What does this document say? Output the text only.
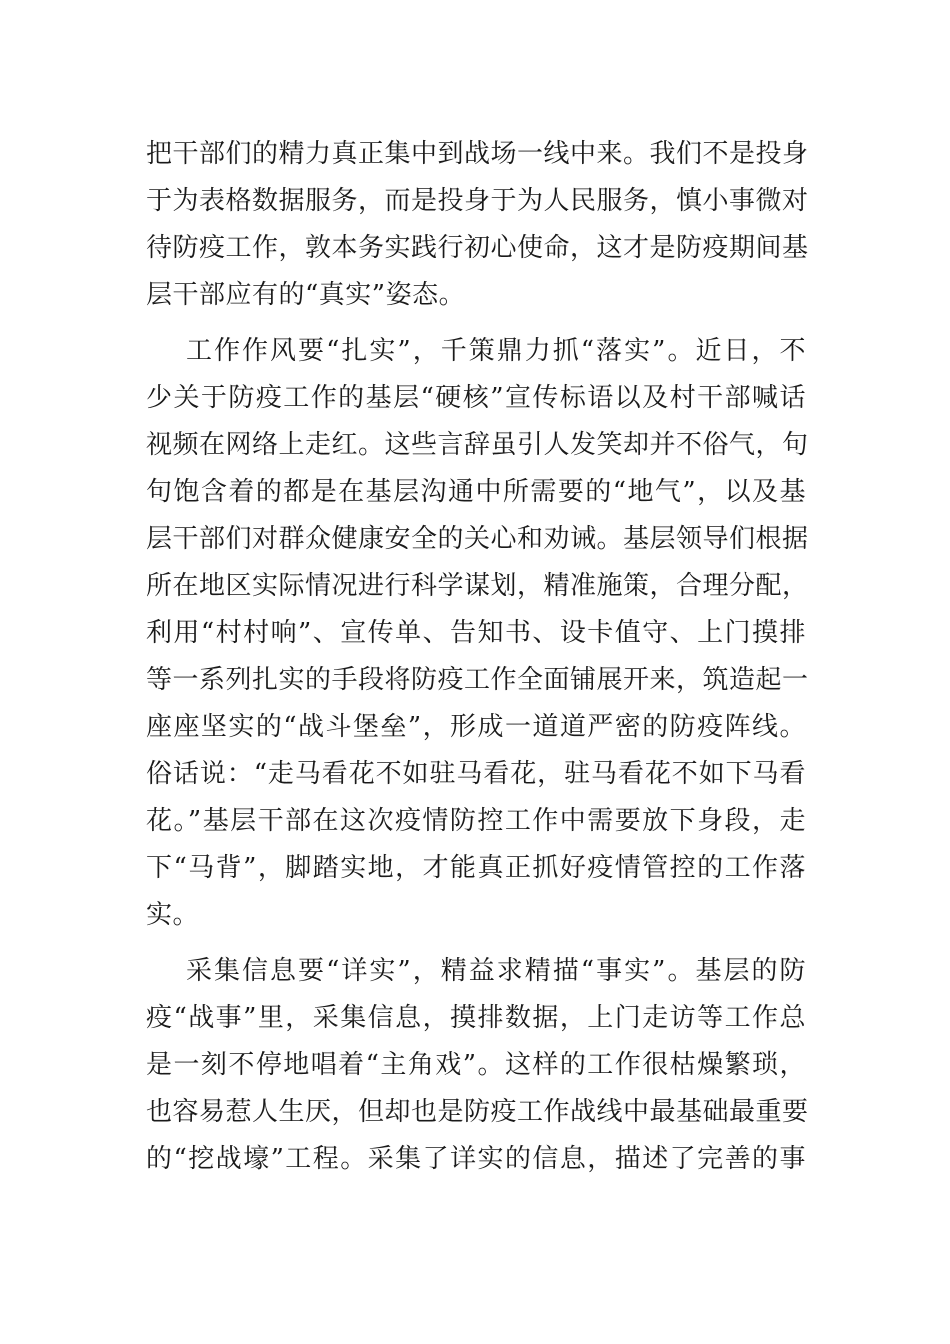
把干部们的精力真正集中到战场一线中来。我们不是投身
于为表格数据服务，而是投身于为人民服务，慎小事微对
待防疫工作，敦本务实践行初心使命，这才是防疫期间基
层干部应有的“真实”姿态。
工作作风要“扎实”，千策鼎力抓“落实”。近日，不
少关于防疫工作的基层“硬核”宣传标语以及村干部喊话
视频在网络上走红。这些言辞虽引人发笑却并不俗气，句
句饱含着的都是在基层沟通中所需要的“地气”，以及基
层干部们对群众健康安全的关心和劝诫。基层领导们根据
所在地区实际情况进行科学谋划，精准施策，合理分配，
利用“村村响”、宣传单、告知书、设卡值守、上门摸排
等一系列扎实的手段将防疫工作全面铺展开来，筑造起一
座座坚实的“战斗堡垒”，形成一道道严密的防疫阵线。
俗话说：“走马看花不如驻马看花，驻马看花不如下马看
花。”基层干部在这次疫情防控工作中需要放下身段，走
下“马背”，脚踏实地，才能真正抓好疫情管控的工作落
实。
采集信息要“详实”，精益求精描“事实”。基层的防
疫“战事”里，采集信息，摸排数据，上门走访等工作总
是一刻不停地唱着“主角戏”。这样的工作很枯燥繁琐，
也容易惹人生厌，但却也是防疫工作战线中最基础最重要
的“挖战壕”工程。采集了详实的信息，描述了完善的事
